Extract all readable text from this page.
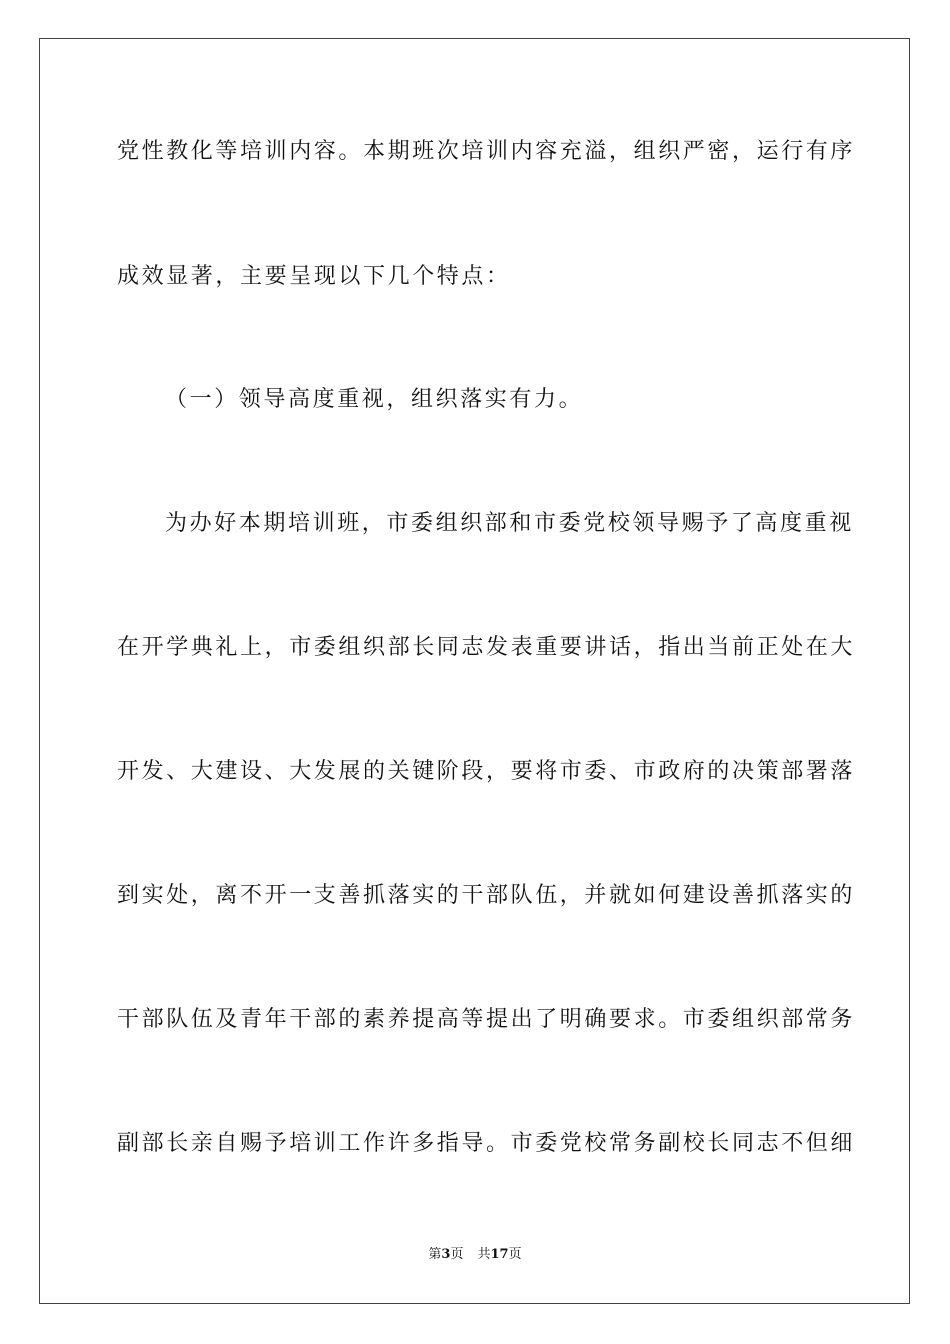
党性教化等培训内容。本期班次培训内容充溢，组织严密，运行有序
成效显著，主要呈现以下几个特点：
（一）领导高度重视，组织落实有力。
为办好本期培训班，市委组织部和市委党校领导赐予了高度重视
在开学典礼上，市委组织部长同志发表重要讲话，指出当前正处在大
开发、大建设、大发展的关键阶段，要将市委、市政府的决策部署落
到实处，离不开一支善抓落实的干部队伍，并就如何建设善抓落实的
干部队伍及青年干部的素养提高等提出了明确要求。市委组织部常务
副部长亲自赐予培训工作许多指导。市委党校常务副校长同志不但细
第3页 共17页
